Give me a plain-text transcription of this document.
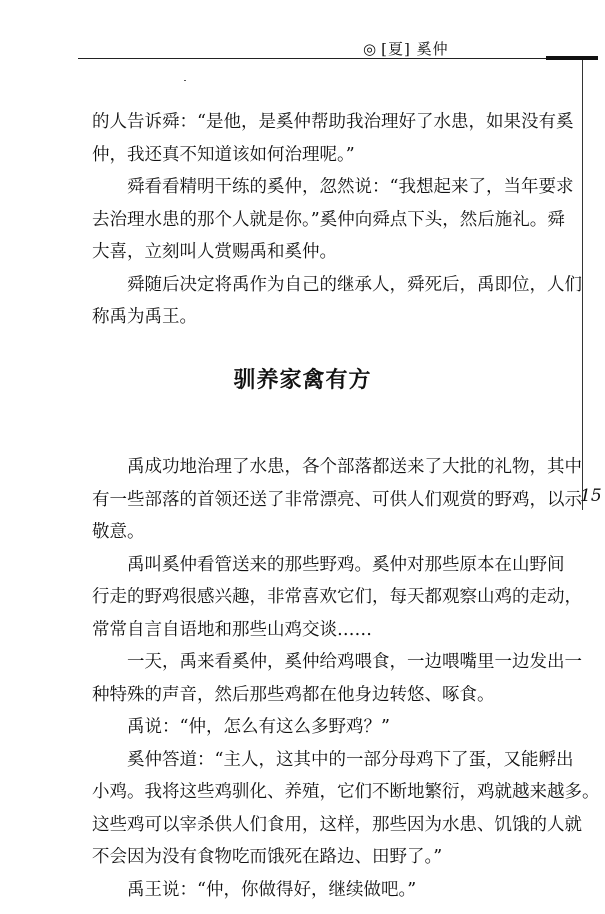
◎ [夏] 奚仲
的人告诉舜：“是他，是奚仲帮助我治理好了水患，如果没有奚
仲，我还真不知道该如何治理呢。”
舜看看精明干练的奚仲，忽然说：“我想起来了，当年要求
去治理水患的那个人就是你。”奚仲向舜点下头，然后施礼。舜
大喜，立刻叫人赏赐禹和奚仲。
舜随后决定将禹作为自己的继承人，舜死后，禹即位，人们
称禹为禹王。
驯养家禽有方
15
禹成功地治理了水患，各个部落都送来了大批的礼物，其中
有一些部落的首领还送了非常漂亮、可供人们观赏的野鸡，以示
敬意。
禹叫奚仲看管送来的那些野鸡。奚仲对那些原本在山野间
行走的野鸡很感兴趣，非常喜欢它们，每天都观察山鸡的走动，
常常自言自语地和那些山鸡交谈……
一天，禹来看奚仲，奚仲给鸡喂食，一边喂嘴里一边发出一
种特殊的声音，然后那些鸡都在他身边转悠、啄食。
禹说：“仲，怎么有这么多野鸡？”
奚仲答道：“主人，这其中的一部分母鸡下了蛋，又能孵出
小鸡。我将这些鸡驯化、养殖，它们不断地繁衍，鸡就越来越多。
这些鸡可以宰杀供人们食用，这样，那些因为水患、饥饿的人就
不会因为没有食物吃而饿死在路边、田野了。”
禹王说：“仲，你做得好，继续做吧。”
